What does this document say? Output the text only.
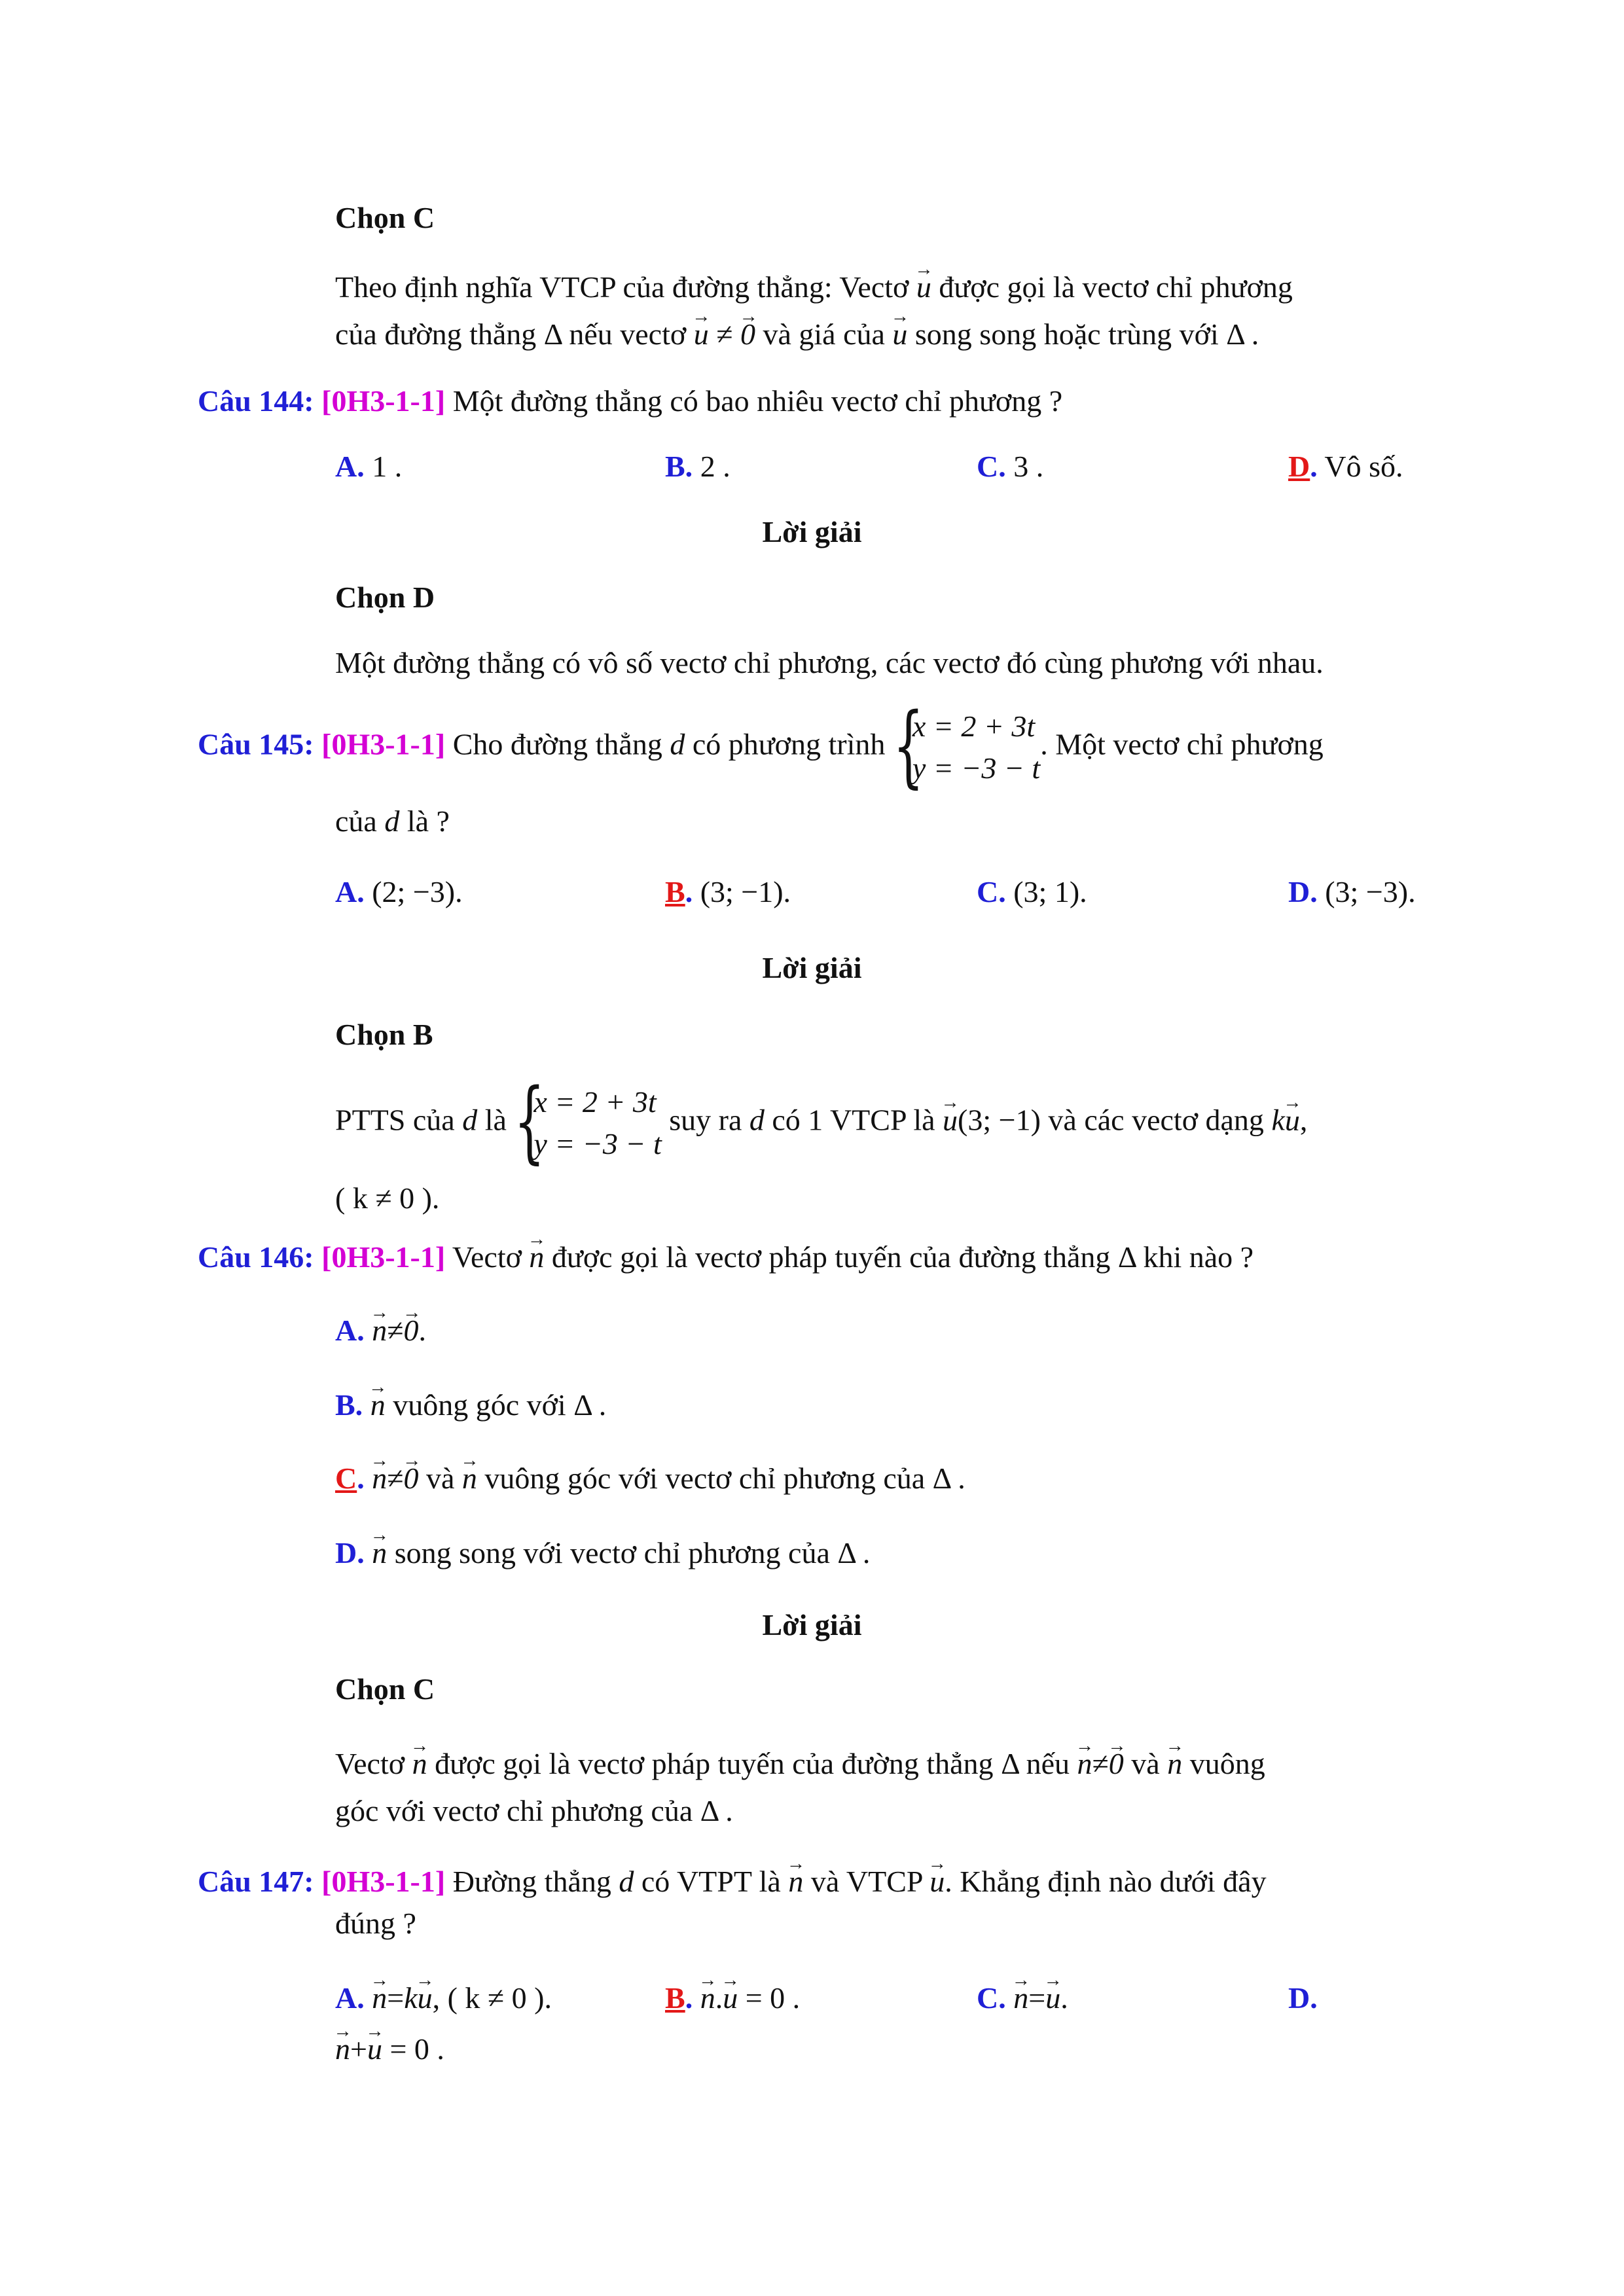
Chọn C
Theo định nghĩa VTCP của đường thẳng: Vectơ → u được gọi là vectơ chỉ phương
của đường thẳng Δ nếu vectơ → u ≠ → 0 và giá của → u song song hoặc trùng với Δ .
Câu 144: [0H3-1-1] Một đường thẳng có bao nhiêu vectơ chỉ phương ?
A. 1 .	B. 2 .	C. 3 .	D. Vô số.
Lời giải
Chọn D
Một đường thẳng có vô số vectơ chỉ phương, các vectơ đó cùng phương với nhau.
Câu 145: [0H3-1-1] Cho đường thẳng d có phương trình {
x = 2 + 3t
y = −3 − t
. Một vectơ chỉ phương
của d là ?
A. (2; −3).	B. (3; −1).	C. (3; 1).	D. (3; −3).
Lời giải
Chọn B
PTTS của d là {
x = 2 + 3t
y = −3 − t
suy ra d có 1 VTCP là → u(3; −1) và các vectơ dạng k→ u,
( k ≠ 0 ).
Câu 146: [0H3-1-1] Vectơ → n được gọi là vectơ pháp tuyến của đường thẳng Δ khi nào ?
A. → n≠→ 0.
B. → n vuông góc với Δ .
C. → n≠→ 0 và → n vuông góc với vectơ chỉ phương của Δ .
D. → n song song với vectơ chỉ phương của Δ .
Lời giải
Chọn C
Vectơ → n được gọi là vectơ pháp tuyến của đường thẳng Δ nếu → n≠→ 0 và → n vuông
góc với vectơ chỉ phương của Δ .
Câu 147: [0H3-1-1] Đường thẳng d có VTPT là → n và VTCP → u. Khẳng định nào dưới đây
đúng ?
A. → n=k→ u, ( k ≠ 0 ).	B. → n.→ u = 0 .	C. → n=→ u.	D.
→ n+→ u = 0 .
